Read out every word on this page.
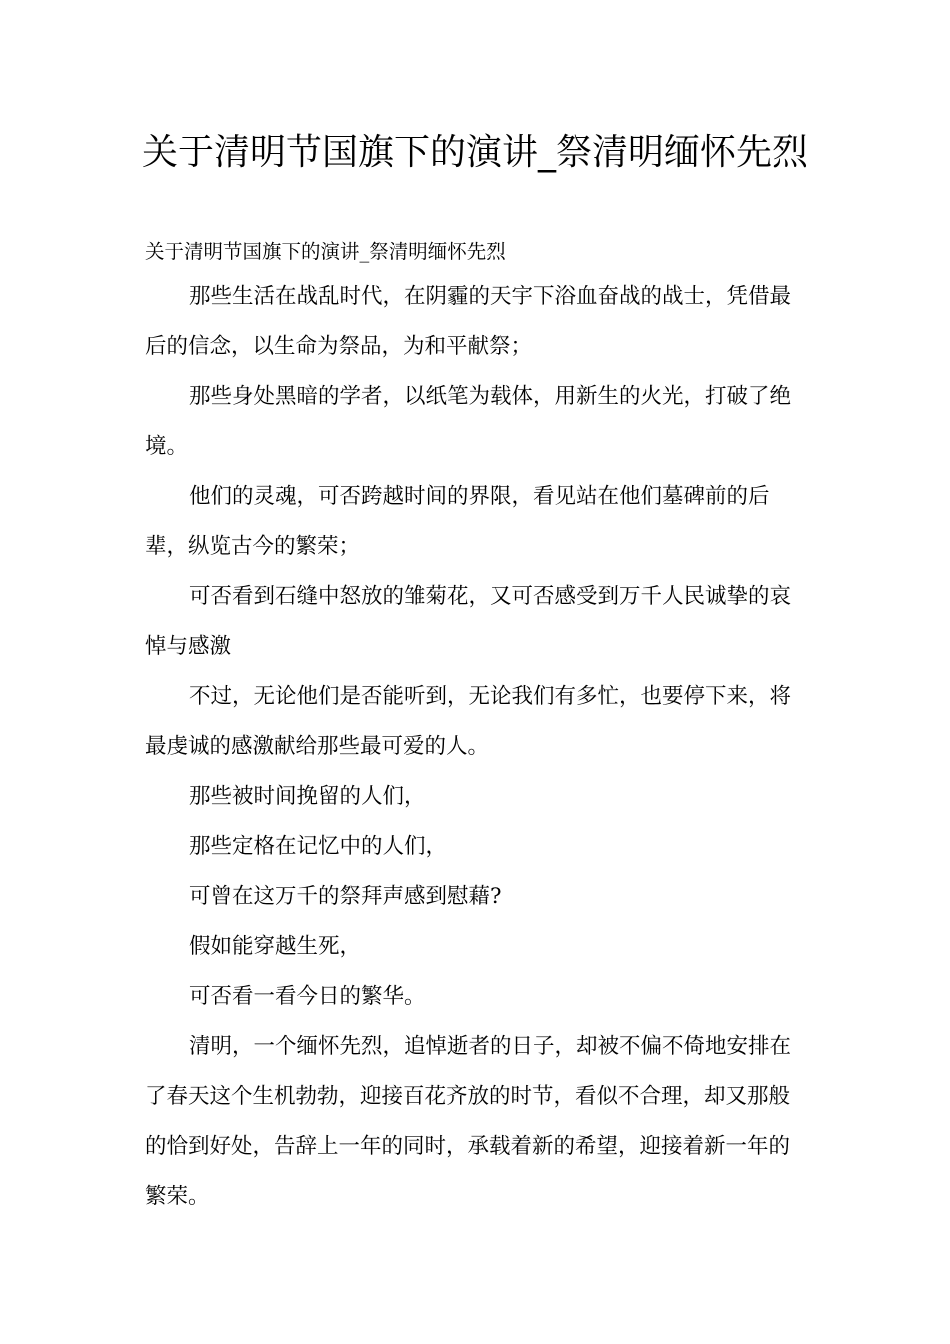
关于清明节国旗下的演讲_祭清明缅怀先烈

关于清明节国旗下的演讲_祭清明缅怀先烈

那些生活在战乱时代，在阴霾的天宇下浴血奋战的战士，凭借最后的信念，以生命为祭品，为和平献祭；

那些身处黑暗的学者，以纸笔为载体，用新生的火光，打破了绝境。

他们的灵魂，可否跨越时间的界限，看见站在他们墓碑前的后辈，纵览古今的繁荣；

可否看到石缝中怒放的雏菊花，又可否感受到万千人民诚挚的哀悼与感激

不过，无论他们是否能听到，无论我们有多忙，也要停下来，将最虔诚的感激献给那些最可爱的人。

那些被时间挽留的人们，

那些定格在记忆中的人们，

可曾在这万千的祭拜声感到慰藉?

假如能穿越生死，

可否看一看今日的繁华。

清明，一个缅怀先烈，追悼逝者的日子，却被不偏不倚地安排在了春天这个生机勃勃，迎接百花齐放的时节，看似不合理，却又那般的恰到好处，告辞上一年的同时，承载着新的希望，迎接着新一年的繁荣。
